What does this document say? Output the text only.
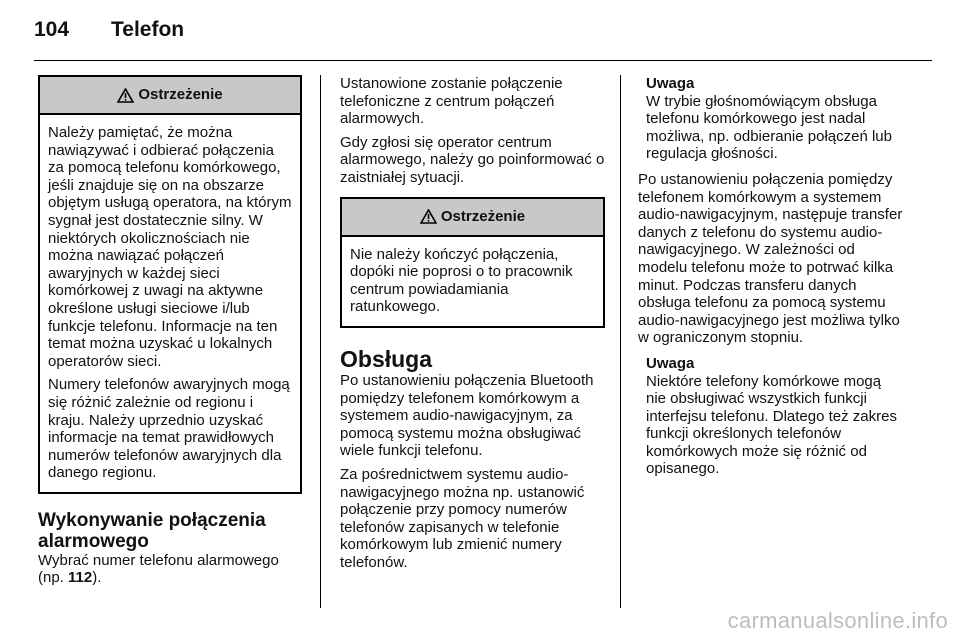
104	Telefon
Ostrzeżenie

Należy pamiętać, że można nawiązywać i odbierać połączenia za pomocą telefonu komórkowego, jeśli znajduje się on na obszarze objętym usługą operatora, na którym sygnał jest dostatecznie silny. W niektórych okolicznościach nie można nawiązać połączeń awaryjnych w każdej sieci komórkowej z uwagi na aktywne określone usługi sieciowe i/lub funkcje telefonu. Informacje na ten temat można uzyskać u lokalnych operatorów sieci.

Numery telefonów awaryjnych mogą się różnić zależnie od regionu i kraju. Należy uprzednio uzyskać informacje na temat prawidłowych numerów telefonów awaryjnych dla danego regionu.

Wykonywanie połączenia alarmowego

Wybrać numer telefonu alarmowego (np. 112).

Ustanowione zostanie połączenie telefoniczne z centrum połączeń alarmowych.

Gdy zgłosi się operator centrum alarmowego, należy go poinformować o zaistniałej sytuacji.

Ostrzeżenie

Nie należy kończyć połączenia, dopóki nie poprosi o to pracownik centrum powiadamiania ratunkowego.

Obsługa

Po ustanowieniu połączenia Bluetooth pomiędzy telefonem komórkowym a systemem audio-nawigacyjnym, za pomocą systemu można obsługiwać wiele funkcji telefonu.

Za pośrednictwem systemu audio-nawigacyjnego można np. ustanowić połączenie przy pomocy numerów telefonów zapisanych w telefonie komórkowym lub zmienić numery telefonów.

Uwaga
W trybie głośnomówiącym obsługa telefonu komórkowego jest nadal możliwa, np. odbieranie połączeń lub regulacja głośności.

Po ustanowieniu połączenia pomiędzy telefonem komórkowym a systemem audio-nawigacyjnym, następuje transfer danych z telefonu do systemu audio-nawigacyjnego. W zależności od modelu telefonu może to potrwać kilka minut. Podczas transferu danych obsługa telefonu za pomocą systemu audio-nawigacyjnego jest możliwa tylko w ograniczonym stopniu.

Uwaga
Niektóre telefony komórkowe mogą nie obsługiwać wszystkich funkcji interfejsu telefonu. Dlatego też zakres funkcji określonych telefonów komórkowych może się różnić od opisanego.
carmanualsonline.info
